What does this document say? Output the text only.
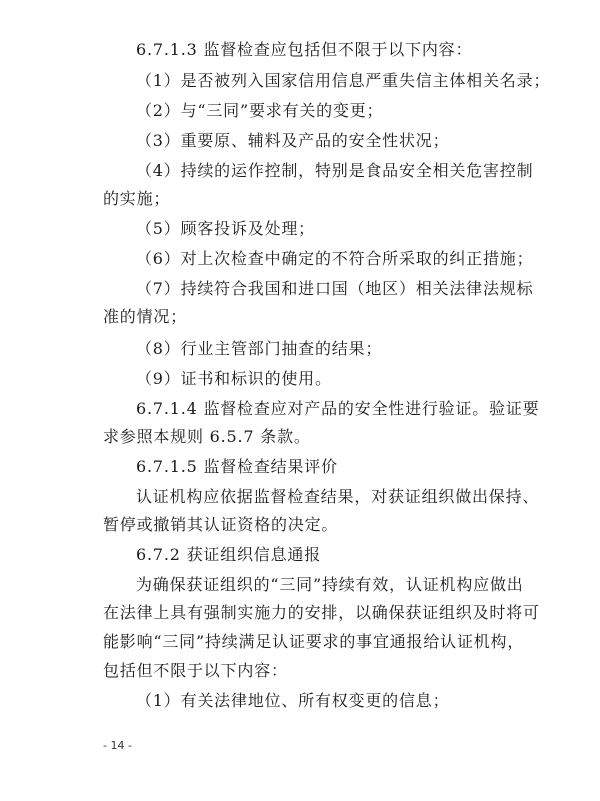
6.7.1.3 监督检查应包括但不限于以下内容：
（1）是否被列入国家信用信息严重失信主体相关名录；
（2）与“三同”要求有关的变更；
（3）重要原、辅料及产品的安全性状况；
（4）持续的运作控制，特别是食品安全相关危害控制
的实施；
（5）顾客投诉及处理；
（6）对上次检查中确定的不符合所采取的纠正措施；
（7）持续符合我国和进口国（地区）相关法律法规标
准的情况；
（8）行业主管部门抽查的结果；
（9）证书和标识的使用。
6.7.1.4 监督检查应对产品的安全性进行验证。验证要
求参照本规则 6.5.7 条款。
6.7.1.5 监督检查结果评价
认证机构应依据监督检查结果，对获证组织做出保持、
暂停或撤销其认证资格的决定。
6.7.2 获证组织信息通报
为确保获证组织的“三同”持续有效，认证机构应做出
在法律上具有强制实施力的安排，以确保获证组织及时将可
能影响“三同”持续满足认证要求的事宜通报给认证机构，
包括但不限于以下内容：
（1）有关法律地位、所有权变更的信息；
- 14 -
